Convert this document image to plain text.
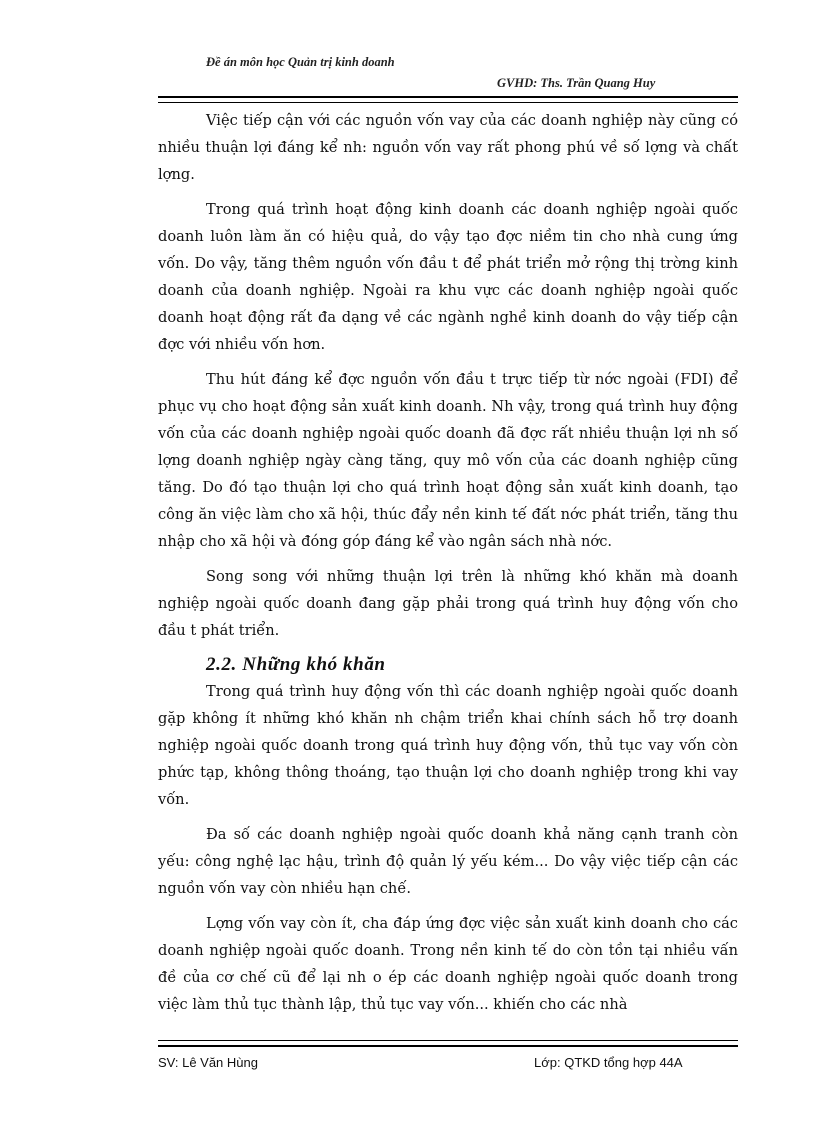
Đề án môn học Quản trị kinh doanh
GVHD: Ths. Trần Quang Huy

Việc tiếp cận với các nguồn vốn vay của các doanh nghiệp này cũng có nhiều thuận lợi đáng kể nh: nguồn vốn vay rất phong phú về số lợng và chất lợng.

Trong quá trình hoạt động kinh doanh các doanh nghiệp ngoài quốc doanh luôn làm ăn có hiệu quả, do vậy tạo đợc niềm tin cho nhà cung ứng vốn. Do vậy, tăng thêm nguồn vốn đầu t để phát triển mở rộng thị trờng kinh doanh của doanh nghiệp. Ngoài ra khu vực các doanh nghiệp ngoài quốc doanh hoạt động rất đa dạng về các ngành nghề kinh doanh do vậy tiếp cận đợc với nhiều vốn hơn.

Thu hút đáng kể đợc nguồn vốn đầu t trực tiếp từ nớc ngoài (FDI) để phục vụ cho hoạt động sản xuất kinh doanh. Nh vậy, trong quá trình huy động vốn của các doanh nghiệp ngoài quốc doanh đã đợc rất nhiều thuận lợi nh số lợng doanh nghiệp ngày càng tăng, quy mô vốn của các doanh nghiệp cũng tăng. Do đó tạo thuận lợi cho quá trình hoạt động sản xuất kinh doanh, tạo công ăn việc làm cho xã hội, thúc đẩy nền kinh tế đất nớc phát triển, tăng thu nhập cho xã hội và đóng góp đáng kể vào ngân sách nhà nớc.

Song song với những thuận lợi trên là những khó khăn mà doanh nghiệp ngoài quốc doanh đang gặp phải trong quá trình huy động vốn cho đầu t phát triển.

2.2. Những khó khăn

Trong quá trình huy động vốn thì các doanh nghiệp ngoài quốc doanh gặp không ít những khó khăn nh chậm triển khai chính sách hỗ trợ doanh nghiệp ngoài quốc doanh trong quá trình huy động vốn, thủ tục vay vốn còn phức tạp, không thông thoáng, tạo thuận lợi cho doanh nghiệp trong khi vay vốn.

Đa số các doanh nghiệp ngoài quốc doanh khả năng cạnh tranh còn yếu: công nghệ lạc hậu, trình độ quản lý yếu kém... Do vậy việc tiếp cận các nguồn vốn vay còn nhiều hạn chế.

Lợng vốn vay còn ít, cha đáp ứng đợc việc sản xuất kinh doanh cho các doanh nghiệp ngoài quốc doanh. Trong nền kinh tế do còn tồn tại nhiều vấn đề của cơ chế cũ để lại nh o ép các doanh nghiệp ngoài quốc doanh trong việc làm thủ tục thành lập, thủ tục vay vốn... khiến cho các nhà

SV: Lê Văn Hùng	Lớp: QTKD tổng hợp 44A
